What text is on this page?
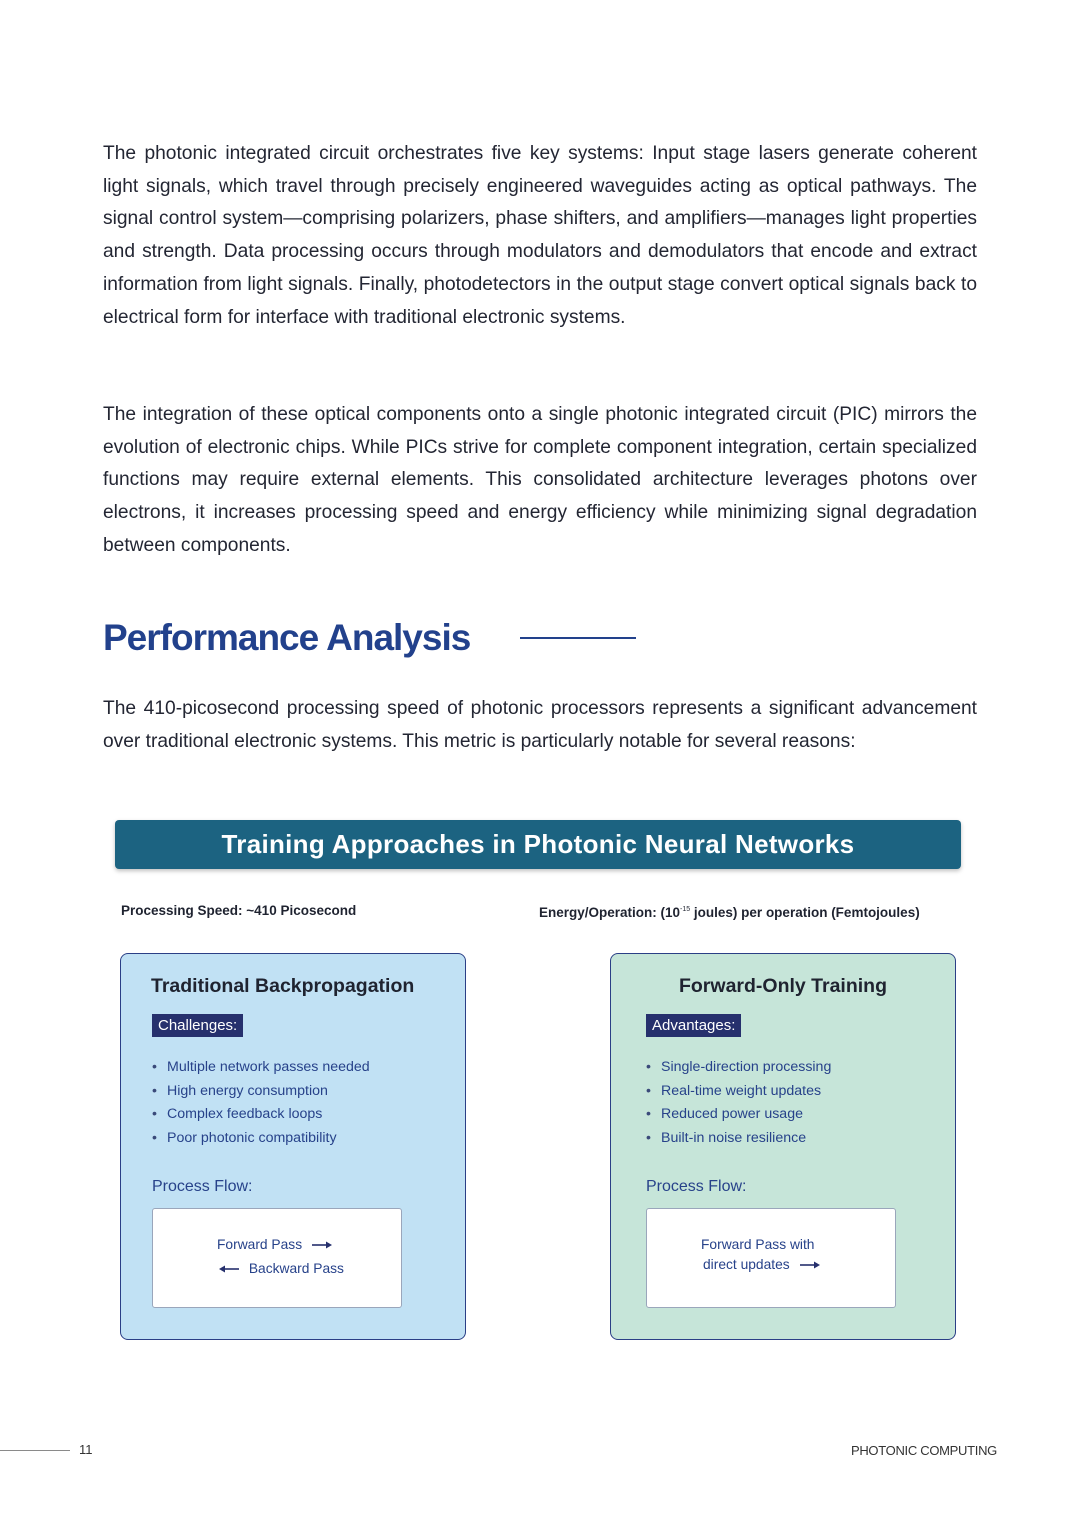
The photonic integrated circuit orchestrates five key systems: Input stage lasers generate coherent light signals, which travel through precisely engineered waveguides acting as optical pathways. The signal control system—comprising polarizers, phase shifters, and amplifiers—manages light properties and strength. Data processing occurs through modulators and demodulators that encode and extract information from light signals. Finally, photodetectors in the output stage convert optical signals back to electrical form for interface with traditional electronic systems.

The integration of these optical components onto a single photonic integrated circuit (PIC) mirrors the evolution of electronic chips. While PICs strive for complete component integration, certain specialized functions may require external elements. This consolidated architecture leverages photons over electrons, it increases processing speed and energy efficiency while minimizing signal degradation between components.

Performance Analysis

The 410-picosecond processing speed of photonic processors represents a significant advancement over traditional electronic systems. This metric is particularly notable for several reasons:

Training Approaches in Photonic Neural Networks
Processing Speed: ~410 Picosecond	Energy/Operation: ($10^{-15}$ joules) per operation (Femtojoules)
Traditional Backpropagation
Challenges:
• Multiple network passes needed
• High energy consumption
• Complex feedback loops
• Poor photonic compatibility
Process Flow:
Forward Pass
Backward Pass
Forward-Only Training
Advantages:
• Single-direction processing
• Real-time weight updates
• Reduced power usage
• Built-in noise resilience
Process Flow:
Forward Pass with
direct updates
11	PHOTONIC COMPUTING
